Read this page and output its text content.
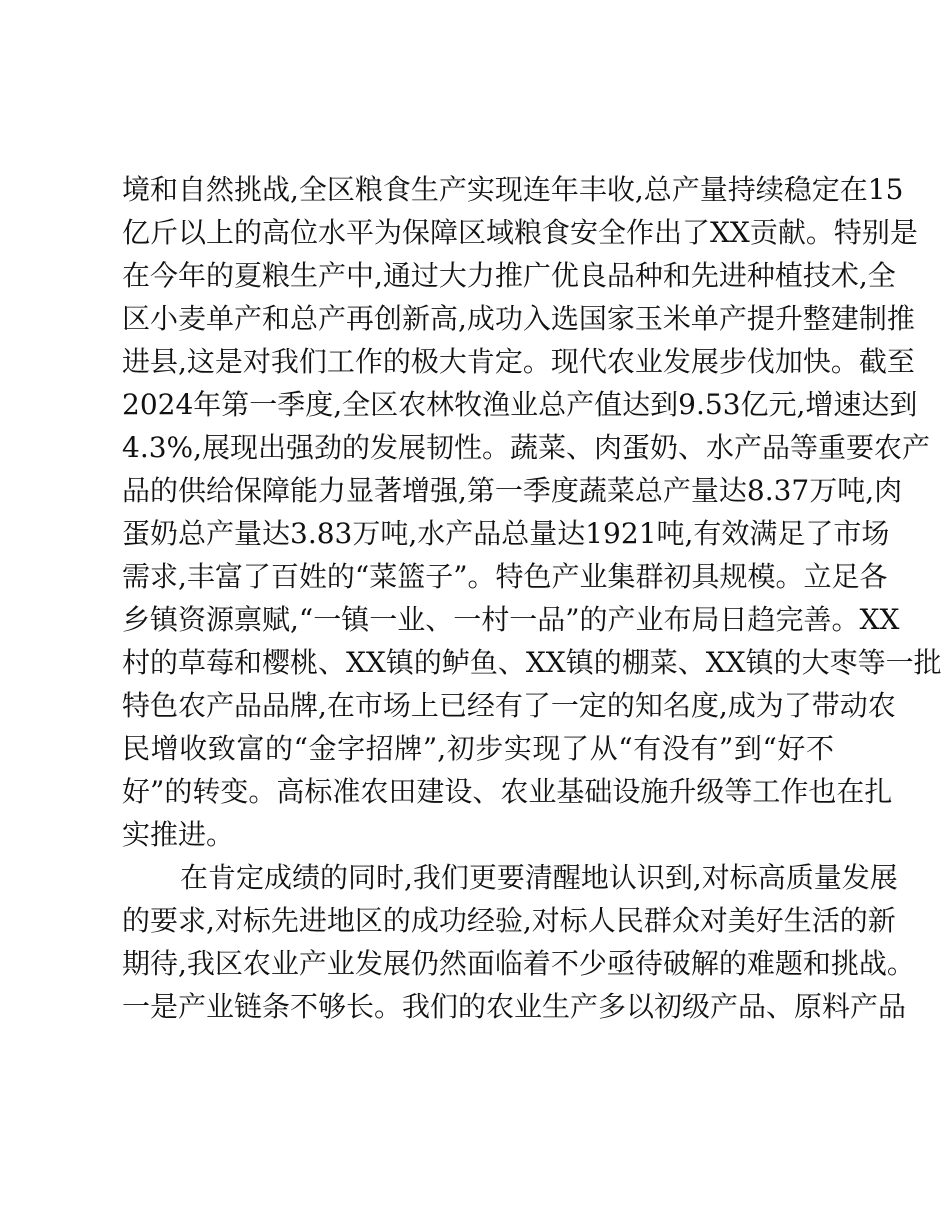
境和自然挑战,全区粮食生产实现连年丰收,总产量持续稳定在15
亿斤以上的高位水平为保障区域粮食安全作出了XX贡献。特别是
在今年的夏粮生产中,通过大力推广优良品种和先进种植技术,全
区小麦单产和总产再创新高,成功入选国家玉米单产提升整建制推
进县,这是对我们工作的极大肯定。现代农业发展步伐加快。截至
2024年第一季度,全区农林牧渔业总产值达到9.53亿元,增速达到
4.3%,展现出强劲的发展韧性。蔬菜、肉蛋奶、水产品等重要农产
品的供给保障能力显著增强,第一季度蔬菜总产量达8.37万吨,肉
蛋奶总产量达3.83万吨,水产品总量达1921吨,有效满足了市场
需求,丰富了百姓的“菜篮子”。特色产业集群初具规模。立足各
乡镇资源禀赋,“一镇一业、一村一品”的产业布局日趋完善。XX
村的草莓和樱桃、XX镇的鲈鱼、XX镇的棚菜、XX镇的大枣等一批
特色农产品品牌,在市场上已经有了一定的知名度,成为了带动农
民增收致富的“金字招牌”,初步实现了从“有没有”到“好不
好”的转变。高标准农田建设、农业基础设施升级等工作也在扎
实推进。
在肯定成绩的同时,我们更要清醒地认识到,对标高质量发展
的要求,对标先进地区的成功经验,对标人民群众对美好生活的新
期待,我区农业产业发展仍然面临着不少亟待破解的难题和挑战。
一是产业链条不够长。我们的农业生产多以初级产品、原料产品
